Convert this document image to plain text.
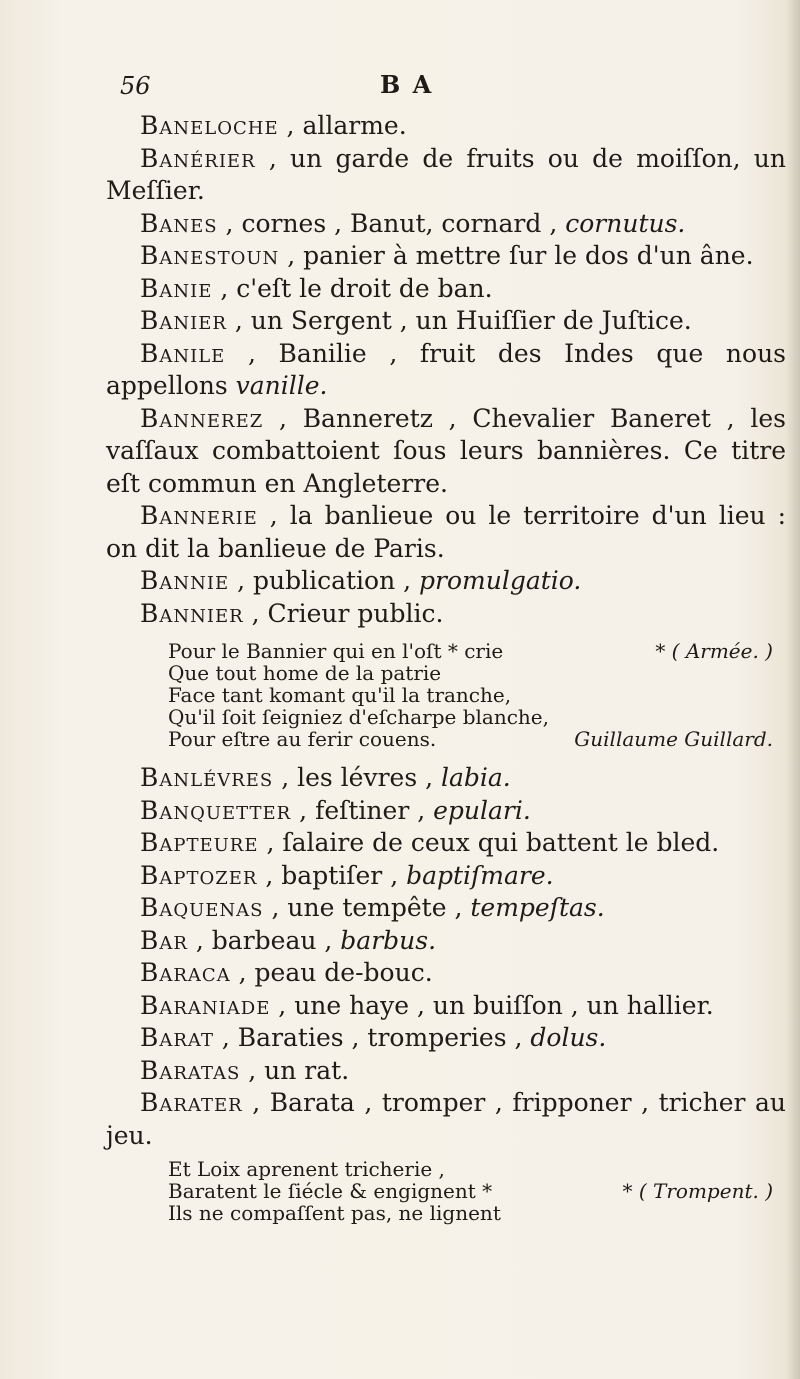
56	B A

Baneloche , allarme.

Banérier , un garde de fruits ou de moiſſon, un Meſſier.

Banes , cornes , Banut, cornard , cornutus.

Banestoun , panier à mettre ſur le dos d'un âne.

Banie , c'eſt le droit de ban.

Banier , un Sergent , un Huiſſier de Juſtice.

Banile , Banilie , fruit des Indes que nous appellons vanille.

Bannerez , Banneretz , Chevalier Baneret , les vaſſaux combattoient ſous leurs bannières. Ce titre eſt commun en Angleterre.

Bannerie , la banlieue ou le territoire d'un lieu : on dit la banlieue de Paris.

Bannie , publication , promulgatio.

Bannier , Crieur public.

* ( Armée. )
Pour le Bannier qui en l'oſt * crie
Que tout home de la patrie
Face tant komant qu'il la tranche,
Qu'il ſoit ſeigniez d'eſcharpe blanche,
Pour eſtre au ferir couens.	Guillaume Guillard.

Banlévres , les lévres , labia.

Banquetter , feſtiner , epulari.

Bapteure , ſalaire de ceux qui battent le bled.

Baptozer , baptiſer , baptiſmare.

Baquenas , une tempête , tempeſtas.

Bar , barbeau , barbus.

Baraca , peau de-bouc.

Baraniade , une haye , un buiſſon , un hallier.

Barat , Baraties , tromperies , dolus.

Baratas , un rat.

Barater , Barata , tromper , fripponer , tricher au jeu.

* ( Trompent. )
Et Loix aprenent tricherie ,
Baratent le ſiécle & engignent *
Ils ne compaſſent pas, ne lignent
